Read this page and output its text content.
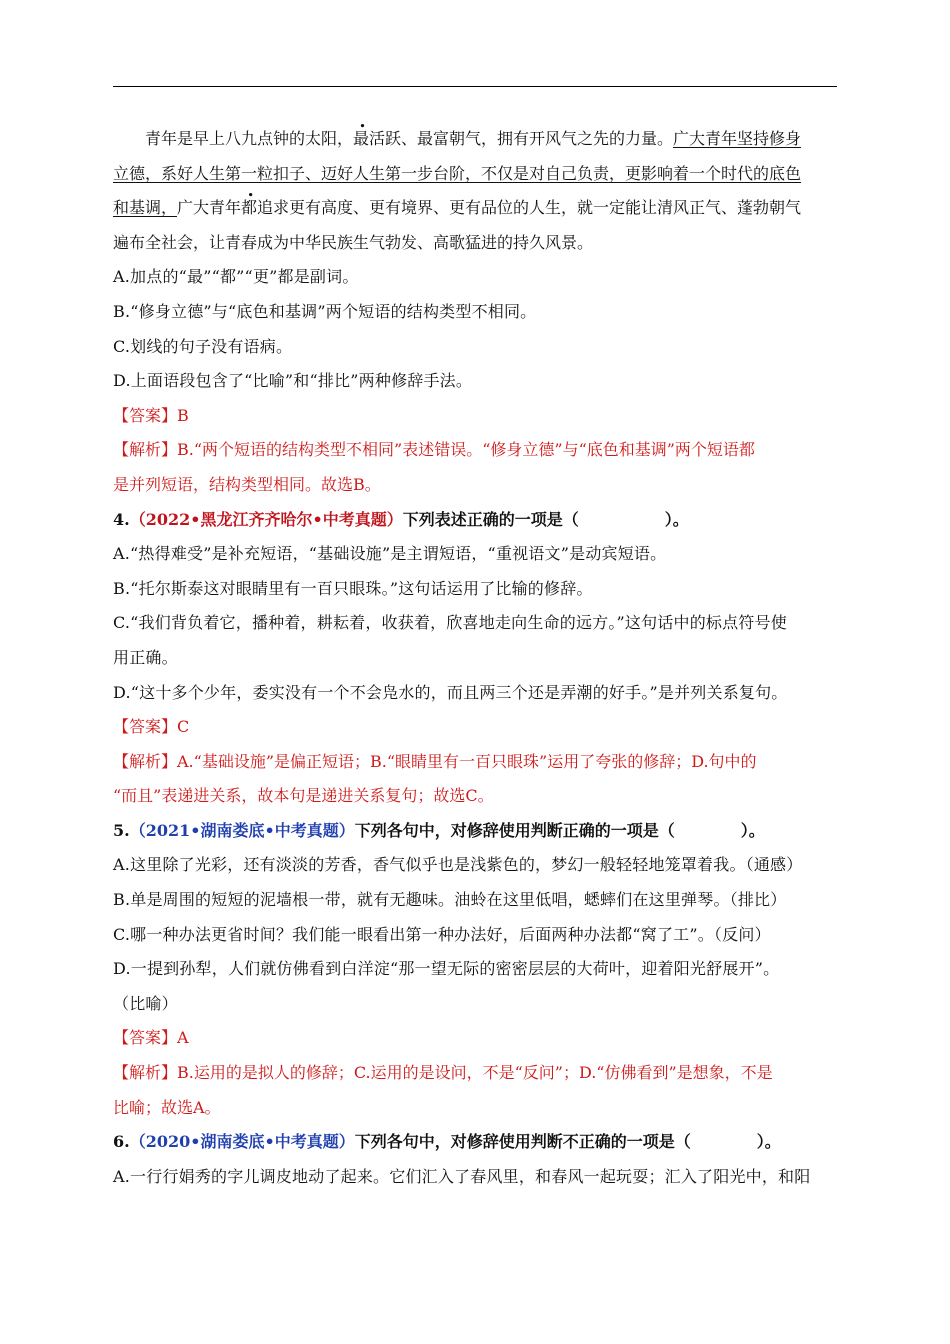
青年是早上八九点钟的太阳，最活跃、最富朝气，拥有开风气之先的力量。广大青年坚持修身
立德，系好人生第一粒扣子、迈好人生第一步台阶，不仅是对自己负责，更影响着一个时代的底色
和基调，广大青年都追求更有高度、更有境界、更有品位的人生，就一定能让清风正气、蓬勃朝气
遍布全社会，让青春成为中华民族生气勃发、高歌猛进的持久风景。
A.加点的“最”“都”“更”都是副词。
B.“修身立德”与“底色和基调”两个短语的结构类型不相同。
C.划线的句子没有语病。
D.上面语段包含了“比喻”和“排比”两种修辞手法。
【答案】B
【解析】B.“两个短语的结构类型不相同”表述错误。“修身立德”与“底色和基调”两个短语都
是并列短语，结构类型相同。故选B。
4.（2022•黑龙江齐齐哈尔•中考真题）下列表述正确的一项是（	）。
A.“热得难受”是补充短语，“基础设施”是主谓短语，“重视语文”是动宾短语。
B.“托尔斯泰这对眼睛里有一百只眼珠。”这句话运用了比输的修辞。
C.“我们背负着它，播种着，耕耘着，收获着，欣喜地走向生命的远方。”这句话中的标点符号使
用正确。
D.“这十多个少年，委实没有一个不会凫水的，而且两三个还是弄潮的好手。”是并列关系复句。
【答案】C
【解析】A.“基础设施”是偏正短语；B.“眼睛里有一百只眼珠”运用了夸张的修辞；D.句中的
“而且”表递进关系，故本句是递进关系复句；故选C。
5.（2021•湖南娄底•中考真题）下列各句中，对修辞使用判断正确的一项是（	）。
A.这里除了光彩，还有淡淡的芳香，香气似乎也是浅紫色的，梦幻一般轻轻地笼罩着我。（通感）
B.单是周围的短短的泥墙根一带，就有无趣味。油蛉在这里低唱，蟋蟀们在这里弹琴。（排比）
C.哪一种办法更省时间？我们能一眼看出第一种办法好，后面两种办法都“窝了工”。（反问）
D.一提到孙犁，人们就仿佛看到白洋淀“那一望无际的密密层层的大荷叶，迎着阳光舒展开”。
（比喻）
【答案】A
【解析】B.运用的是拟人的修辞；C.运用的是设问，不是“反问”；D.“仿佛看到”是想象，不是
比喻；故选A。
6.（2020•湖南娄底•中考真题）下列各句中，对修辞使用判断不正确的一项是（	）。
A.一行行娟秀的字儿调皮地动了起来。它们汇入了春风里，和春风一起玩耍；汇入了阳光中，和阳
